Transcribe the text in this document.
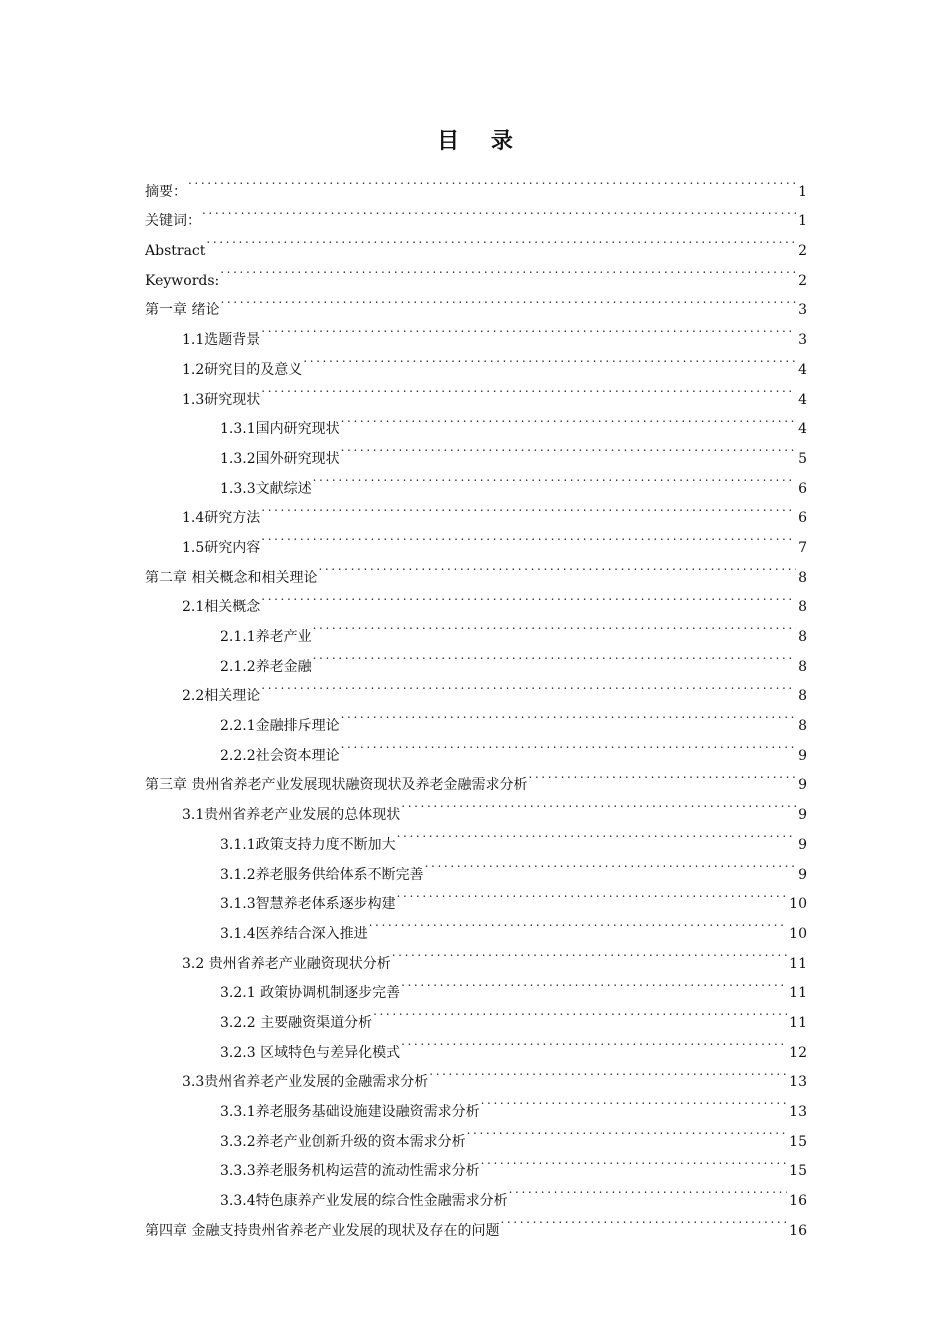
目 录
摘要： . . .	1
关键词： . . .	1
Abstract . . .	2
Keywords: . . .	2
第一章 绪论 . . .	3
1.1选题背景 . . .	3
1.2研究目的及意义 . . .	4
1.3研究现状 . . .	4
1.3.1国内研究现状 . . .	4
1.3.2国外研究现状 . . .	5
1.3.3文献综述 . . .	6
1.4研究方法 . . .	6
1.5研究内容 . . .	7
第二章 相关概念和相关理论 . . .	8
2.1相关概念 . . .	8
2.1.1养老产业 . . .	8
2.1.2养老金融 . . .	8
2.2相关理论 . . .	8
2.2.1金融排斥理论 . . .	8
2.2.2社会资本理论 . . .	9
第三章 贵州省养老产业发展现状融资现状及养老金融需求分析 . . .	9
3.1贵州省养老产业发展的总体现状 . . .	9
3.1.1政策支持力度不断加大 . . .	9
3.1.2养老服务供给体系不断完善 . . .	9
3.1.3智慧养老体系逐步构建 . . .	10
3.1.4医养结合深入推进 . . .	10
3.2 贵州省养老产业融资现状分析 . . .	11
3.2.1 政策协调机制逐步完善 . . .	11
3.2.2 主要融资渠道分析 . . .	11
3.2.3 区域特色与差异化模式 . . .	12
3.3贵州省养老产业发展的金融需求分析 . . .	13
3.3.1养老服务基础设施建设融资需求分析 . . .	13
3.3.2养老产业创新升级的资本需求分析 . . .	15
3.3.3养老服务机构运营的流动性需求分析 . . .	15
3.3.4特色康养产业发展的综合性金融需求分析 . . .	16
第四章 金融支持贵州省养老产业发展的现状及存在的问题 . . .	16
